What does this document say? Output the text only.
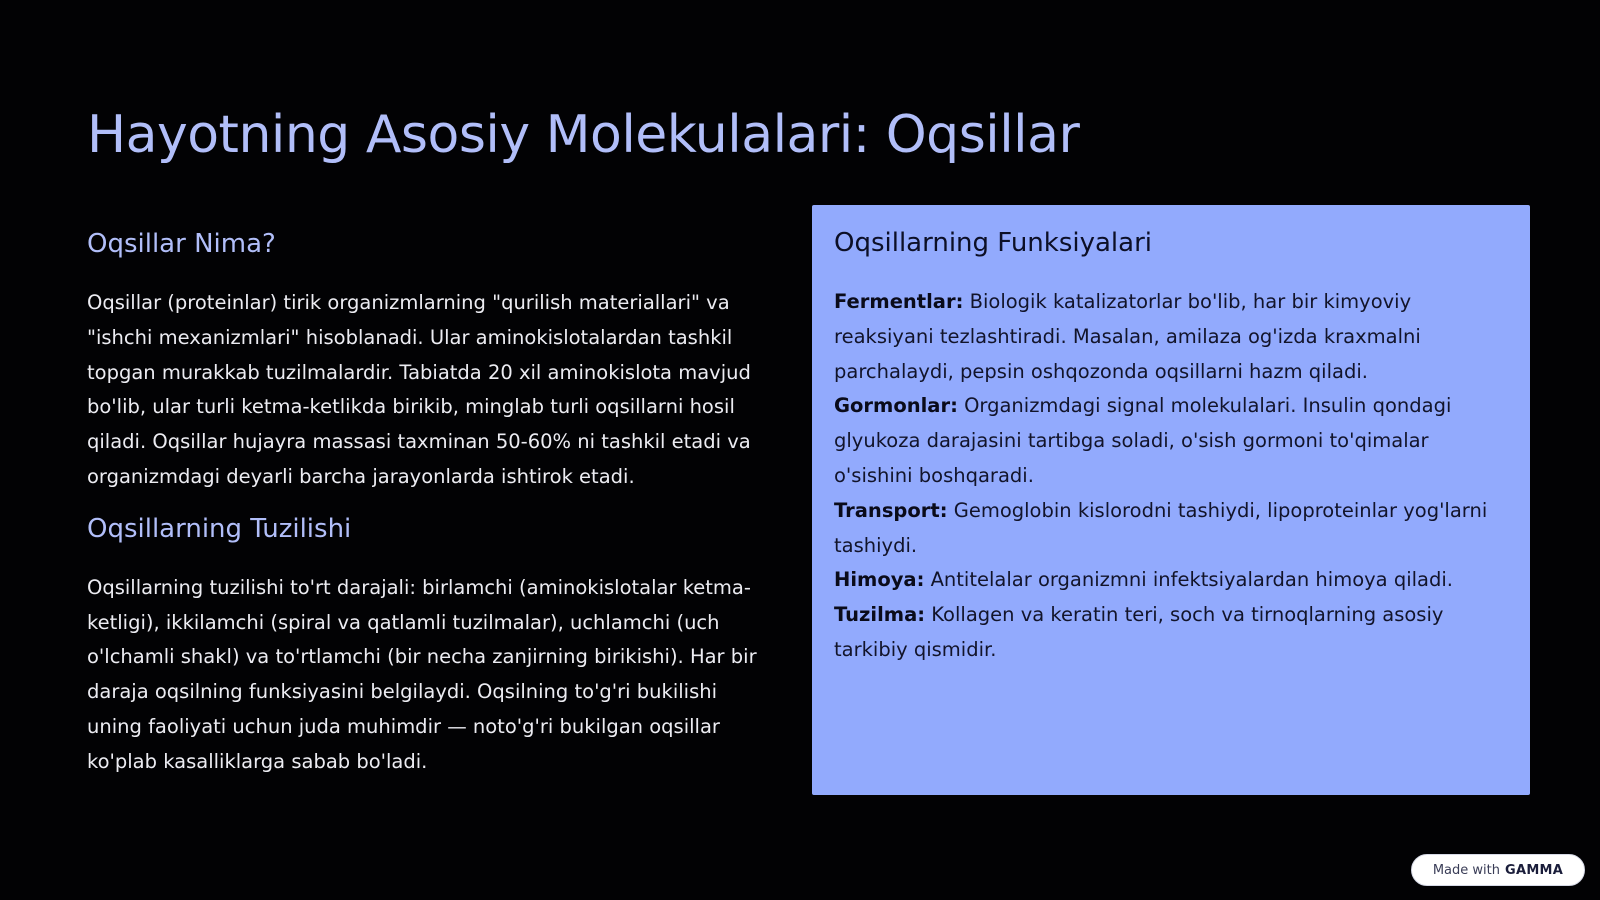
Hayotning Asosiy Molekulalari: Oqsillar
Oqsillar Nima?

Oqsillar (proteinlar) tirik organizmlarning "qurilish materiallari" va "ishchi mexanizmlari" hisoblanadi. Ular aminokislotalardan tashkil topgan murakkab tuzilmalardir. Tabiatda 20 xil aminokislota mavjud bo'lib, ular turli ketma-ketlikda birikib, minglab turli oqsillarni hosil qiladi. Oqsillar hujayra massasi taxminan 50-60% ni tashkil etadi va organizmdagi deyarli barcha jarayonlarda ishtirok etadi.

Oqsillarning Tuzilishi

Oqsillarning tuzilishi to'rt darajali: birlamchi (aminokislotalar ketma-ketligi), ikkilamchi (spiral va qatlamli tuzilmalar), uchlamchi (uch o'lchamli shakl) va to'rtlamchi (bir necha zanjirning birikishi). Har bir daraja oqsilning funksiyasini belgilaydi. Oqsilning to'g'ri bukilishi uning faoliyati uchun juda muhimdir — noto'g'ri bukilgan oqsillar ko'plab kasalliklarga sabab bo'ladi.

Oqsillarning Funksiyalari
Fermentlar: Biologik katalizatorlar bo'lib, har bir kimyoviy reaksiyani tezlashtiradi. Masalan, amilaza og'izda kraxmalni parchalaydi, pepsin oshqozonda oqsillarni hazm qiladi.
Gormonlar: Organizmdagi signal molekulalari. Insulin qondagi glyukoza darajasini tartibga soladi, o'sish gormoni to'qimalar o'sishini boshqaradi.
Transport: Gemoglobin kislorodni tashiydi, lipoproteinlar yog'larni tashiydi.
Himoya: Antitelalar organizmni infektsiyalardan himoya qiladi.
Tuzilma: Kollagen va keratin teri, soch va tirnoqlarning asosiy tarkibiy qismidir.
Made with GAMMA
